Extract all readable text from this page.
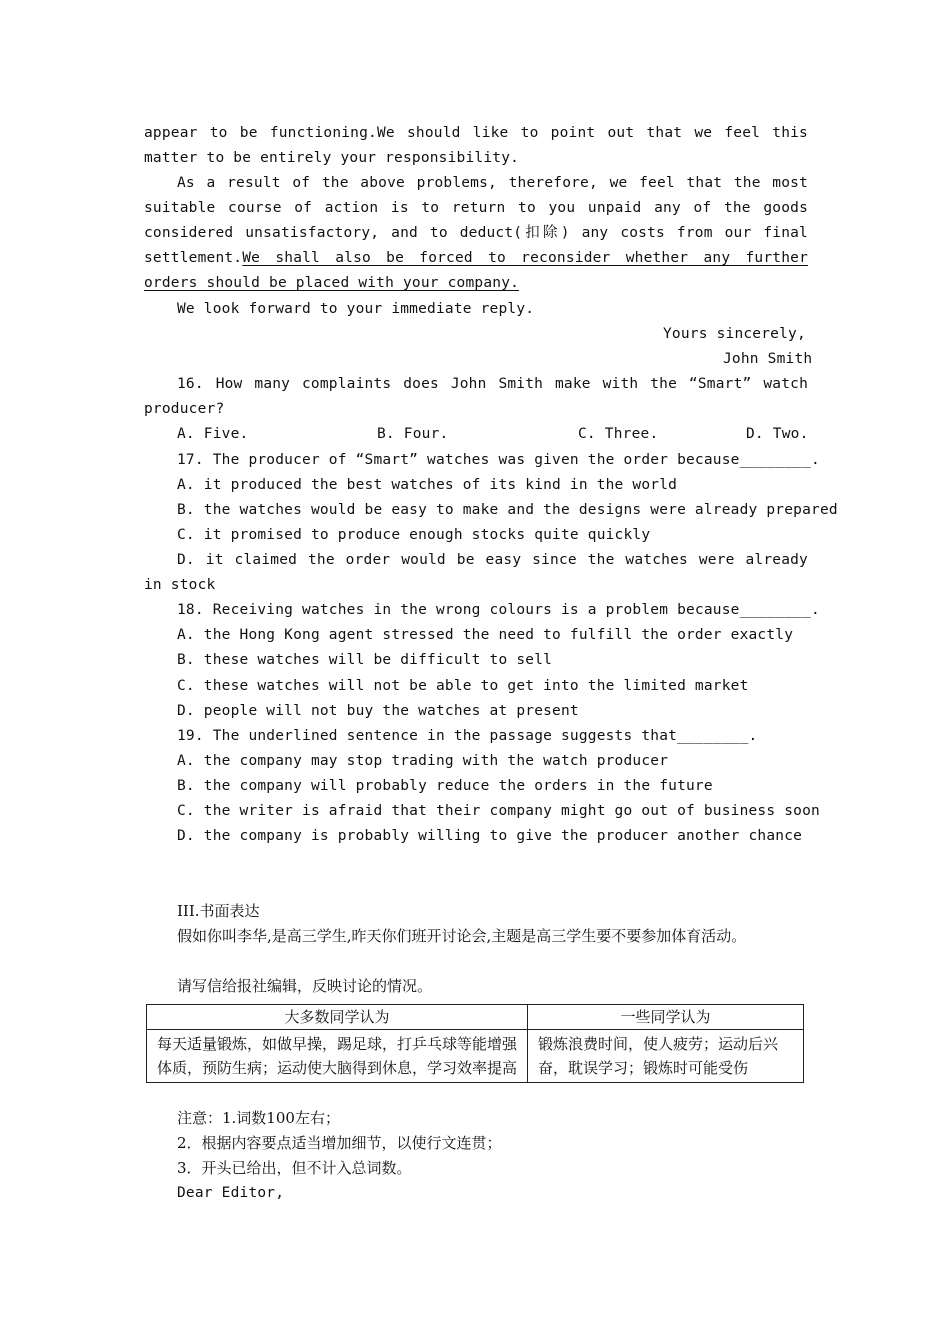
appear to be functioning.We should like to point out that we feel this matter to be entirely your responsibility.
As a result of the above problems, therefore, we feel that the most suitable course of action is to return to you unpaid any of the goods considered unsatisfactory, and to deduct(扣除) any costs from our final settlement.We shall also be forced to reconsider whether any further orders should be placed with your company.
We look forward to your immediate reply.
Yours sincerely,
John Smith
16. How many complaints does John Smith make with the “Smart” watch producer?
A. Five.	B. Four.	C. Three.	D. Two.
17. The producer of “Smart” watches was given the order because________.
A. it produced the best watches of its kind in the world
B. the watches would be easy to make and the designs were already prepared
C. it promised to produce enough stocks quite quickly
D. it claimed the order would be easy since the watches were already in stock
18. Receiving watches in the wrong colours is a problem because________.
A. the Hong Kong agent stressed the need to fulfill the order exactly
B. these watches will be difficult to sell
C. these watches will not be able to get into the limited market
D. people will not buy the watches at present
19. The underlined sentence in the passage suggests that________.
A. the company may stop trading with the watch producer
B. the company will probably reduce the orders in the future
C. the writer is afraid that their company might go out of business soon
D. the company is probably willing to give the producer another chance
III.书面表达
假如你叫李华,是高三学生,昨天你们班开讨论会,主题是高三学生要不要参加体育活动。
请写信给报社编辑，反映讨论的情况。
大多数同学认为	一些同学认为
每天适量锻炼，如做早操，踢足球，打乒乓球等能增强体质，预防生病；运动使大脑得到休息，学习效率提高	锻炼浪费时间，使人疲劳；运动后兴奋，耽误学习；锻炼时可能受伤
注意：1.词数100左右；
2．根据内容要点适当增加细节，以使行文连贯；
3．开头已给出，但不计入总词数。
Dear Editor,
